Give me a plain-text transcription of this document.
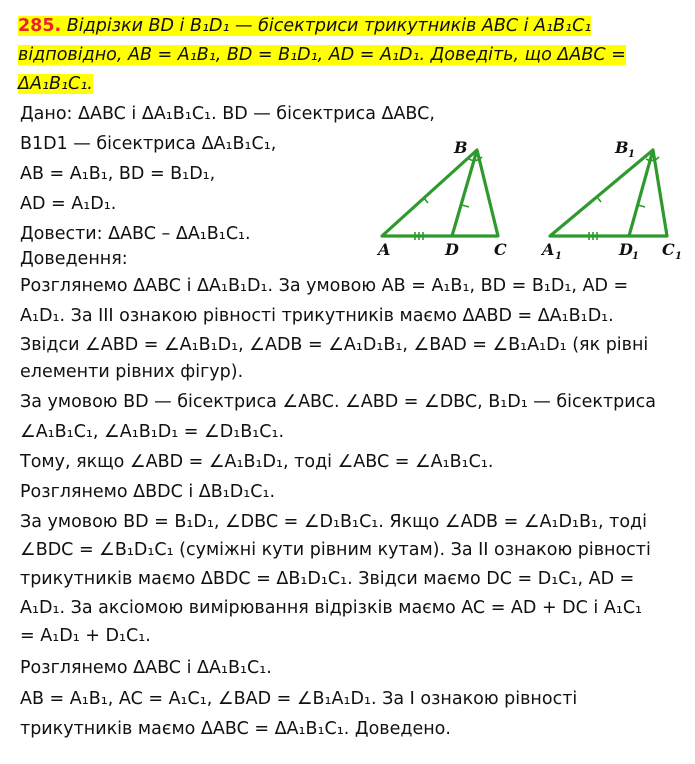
285. Відрізки BD і B₁D₁ — бісектриси трикутників ABC і A₁B₁C₁
відповідно, AB = A₁B₁, BD = B₁D₁, AD = A₁D₁. Доведіть, що ΔABC =
ΔA₁B₁C₁.
Дано: ΔABC і ΔA₁B₁C₁. BD — бісектриса ΔABC,
B1D1 — бісектриса ΔA₁B₁C₁,
AB = A₁B₁, BD = B₁D₁,
AD = A₁D₁.
Довести: ΔABC – ΔA₁B₁C₁.
Доведення:
Розглянемо ΔABC і ΔA₁B₁D₁. За умовою AB = A₁B₁, BD = B₁D₁, AD =
A₁D₁. За III ознакою рівності трикутників маємо ΔABD = ΔA₁B₁D₁.
Звідси ∠ABD = ∠A₁B₁D₁, ∠ADB = ∠A₁D₁B₁, ∠BAD = ∠B₁A₁D₁ (як рівні
елементи рівних фігур).
За умовою BD — бісектриса ∠ABC. ∠ABD = ∠DBC, B₁D₁ — бісектриса
∠A₁B₁C₁, ∠A₁B₁D₁ = ∠D₁B₁C₁.
Тому, якщо ∠ABD = ∠A₁B₁D₁, тоді ∠ABC = ∠A₁B₁C₁.
Розглянемо ΔBDC і ΔB₁D₁C₁.
За умовою BD = B₁D₁, ∠DBC = ∠D₁B₁C₁. Якщо ∠ADB = ∠A₁D₁B₁, тоді
∠BDC = ∠B₁D₁C₁ (суміжні кути рівним кутам). За II ознакою рівності
трикутників маємо ΔBDC = ΔB₁D₁C₁. Звідси маємо DC = D₁C₁, AD =
A₁D₁. За аксіомою вимірювання відрізків маємо AC = AD + DC і A₁C₁
= A₁D₁ + D₁C₁.
Розглянемо ΔABC і ΔA₁B₁C₁.
AB = A₁B₁, AC = A₁C₁, ∠BAD = ∠B₁A₁D₁. За I ознакою рівності
трикутників маємо ΔABC = ΔA₁B₁C₁. Доведено.
A
B
C
D	A 1
B 1
C 1
D 1
